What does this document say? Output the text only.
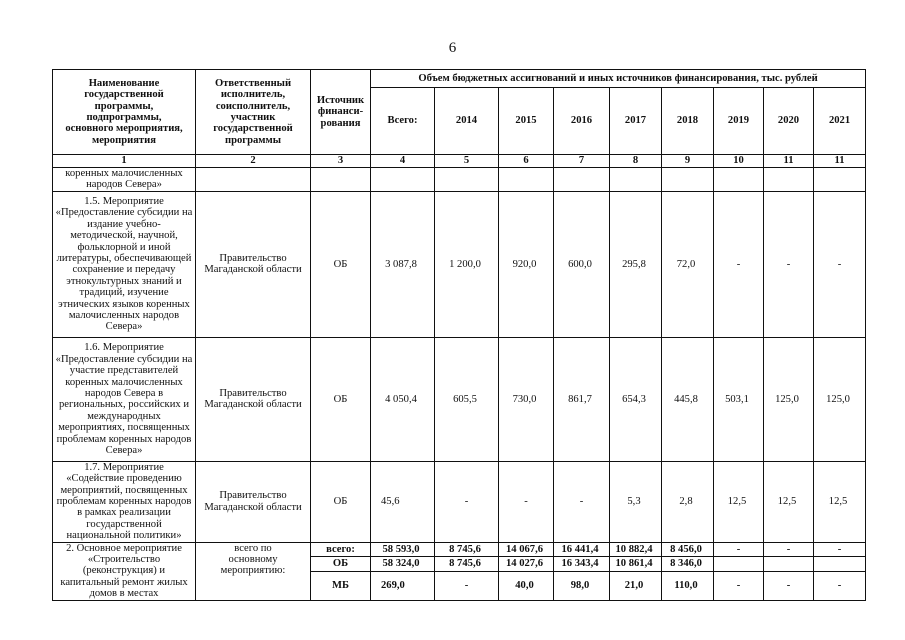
6
Наименование государственной программы, подпрограммы, основного мероприятия, мероприятия	Ответственный исполнитель, соисполнитель, участник государственной программы	Источник финанси-рования	Объем бюджетных ассигнований и иных источников финансирования, тыс. рублей								
			Всего:	2014	2015	2016	2017	2018	2019	2020	2021
1	2	3	4	5	6	7	8	9	10	11	11
коренных малочисленных народов Севера»											
1.5. Мероприятие «Предоставление субсидии на издание учебно-методической, научной, фольклорной и иной литературы, обеспечивающей сохранение и передачу этнокультурных знаний и традиций, изучение этнических языков коренных малочисленных народов Севера»	Правительство Магаданской области	ОБ	3 087,8	1 200,0	920,0	600,0	295,8	72,0	-	-	-
1.6. Мероприятие «Предоставление субсидии на участие представителей коренных малочисленных народов Севера в региональных, российских и международных мероприятиях, посвященных проблемам коренных народов Севера»	Правительство Магаданской области	ОБ	4 050,4	605,5	730,0	861,7	654,3	445,8	503,1	125,0	125,0
1.7. Мероприятие «Содействие проведению мероприятий, посвященных проблемам коренных народов в рамках реализации государственной национальной политики»	Правительство Магаданской области	ОБ	45,6	-	-	-	5,3	2,8	12,5	12,5	12,5
2. Основное мероприятие «Строительство (реконструкция) и капитальный ремонт жилых домов в местах	всего по основному мероприятию:	всего:	58 593,0	8 745,6	14 067,6	16 441,4	10 882,4	8 456,0	-	-	-
		ОБ	58 324,0	8 745,6	14 027,6	16 343,4	10 861,4	8 346,0			
		МБ	269,0	-	40,0	98,0	21,0	110,0	-	-	-
